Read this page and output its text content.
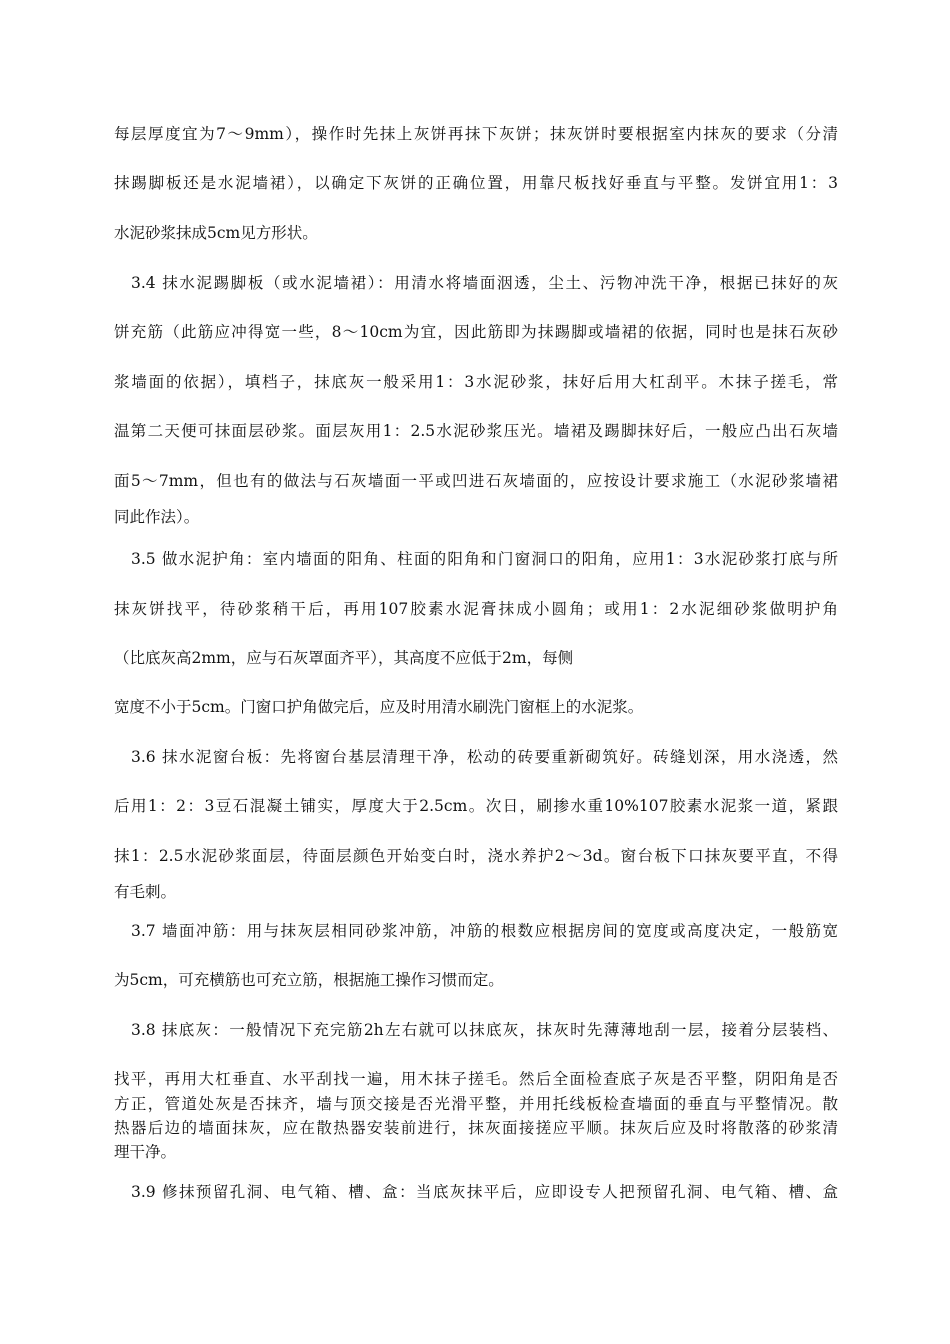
每层厚度宜为7～9mm），操作时先抹上灰饼再抹下灰饼；抹灰饼时要根据室内抹灰的要求（分清

抹踢脚板还是水泥墙裙），以确定下灰饼的正确位置，用靠尺板找好垂直与平整。发饼宜用1：3

水泥砂浆抹成5cm见方形状。

3.4 抹水泥踢脚板（或水泥墙裙）：用清水将墙面洇透，尘土、污物冲洗干净，根据已抹好的灰

饼充筋（此筋应冲得宽一些，8～10cm为宜，因此筋即为抹踢脚或墙裙的依据，同时也是抹石灰砂

浆墙面的依据），填档子，抹底灰一般采用1：3水泥砂浆，抹好后用大杠刮平。木抹子搓毛，常

温第二天便可抹面层砂浆。面层灰用1：2.5水泥砂浆压光。墙裙及踢脚抹好后，一般应凸出石灰墙

面5～7mm，但也有的做法与石灰墙面一平或凹进石灰墙面的，应按设计要求施工（水泥砂浆墙裙

同此作法）。

3.5 做水泥护角：室内墙面的阳角、柱面的阳角和门窗洞口的阳角，应用1：3水泥砂浆打底与所

抹灰饼找平，待砂浆稍干后，再用107胶素水泥膏抹成小圆角；或用1：2水泥细砂浆做明护角

（比底灰高2mm，应与石灰罩面齐平），其高度不应低于2m，每侧

宽度不小于5cm。门窗口护角做完后，应及时用清水刷洗门窗框上的水泥浆。

3.6 抹水泥窗台板：先将窗台基层清理干净，松动的砖要重新砌筑好。砖缝划深，用水浇透，然

后用1：2：3豆石混凝土铺实，厚度大于2.5cm。次日，刷掺水重10%107胶素水泥浆一道，紧跟

抹1：2.5水泥砂浆面层，待面层颜色开始变白时，浇水养护2～3d。窗台板下口抹灰要平直，不得

有毛刺。

3.7 墙面冲筋：用与抹灰层相同砂浆冲筋，冲筋的根数应根据房间的宽度或高度决定，一般筋宽

为5cm，可充横筋也可充立筋，根据施工操作习惯而定。

3.8 抹底灰：一般情况下充完筋2h左右就可以抹底灰，抹灰时先薄薄地刮一层，接着分层装档、

找平，再用大杠垂直、水平刮找一遍，用木抹子搓毛。然后全面检查底子灰是否平整，阴阳角是否

方正，管道处灰是否抹齐，墙与顶交接是否光滑平整，并用托线板检查墙面的垂直与平整情况。散

热器后边的墙面抹灰，应在散热器安装前进行，抹灰面接搓应平顺。抹灰后应及时将散落的砂浆清

理干净。

3.9 修抹预留孔洞、电气箱、槽、盒：当底灰抹平后，应即设专人把预留孔洞、电气箱、槽、盒
